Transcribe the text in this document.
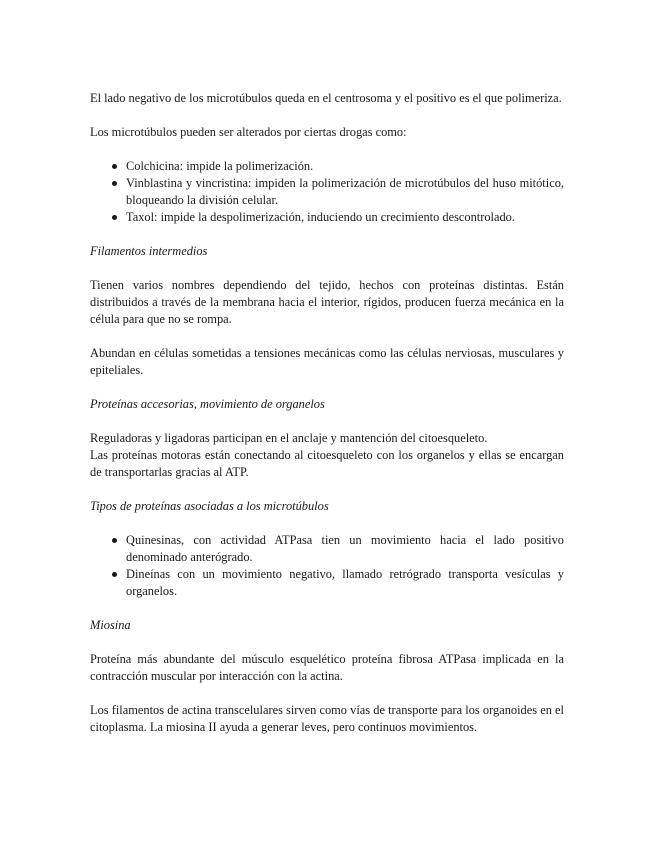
El lado negativo de los microtúbulos queda en el centrosoma y el positivo es el que polimeriza.

Los microtúbulos pueden ser alterados por ciertas drogas como:

Colchicina: impide la polimerización.
Vinblastina y vincristina: impiden la polimerización de microtúbulos del huso mitótico, bloqueando la división celular.
Taxol: impide la despolimerización, induciendo un crecimiento descontrolado.

Filamentos intermedios

Tienen varios nombres dependiendo del tejido, hechos con proteínas distintas. Están distribuidos a través de la membrana hacia el interior, rígidos, producen fuerza mecánica en la célula para que no se rompa.

Abundan en células sometidas a tensiones mecánicas como las células nerviosas, musculares y epiteliales.

Proteínas accesorias, movimiento de organelos

Reguladoras y ligadoras participan en el anclaje y mantención del citoesqueleto.

Las proteínas motoras están conectando al citoesqueleto con los organelos y ellas se encargan de transportarlas gracias al ATP.

Tipos de proteínas asociadas a los microtúbulos

Quinesinas, con actividad ATPasa tien un movimiento hacia el lado positivo denominado anterógrado.
Dineínas con un movimiento negativo, llamado retrógrado transporta vesículas y organelos.

Miosina

Proteína más abundante del músculo esquelético proteína fibrosa ATPasa implicada en la contracción muscular por interacción con la actina.

Los filamentos de actina transcelulares sirven como vías de transporte para los organoides en el citoplasma. La miosina II ayuda a generar leves, pero continuos movimientos.
